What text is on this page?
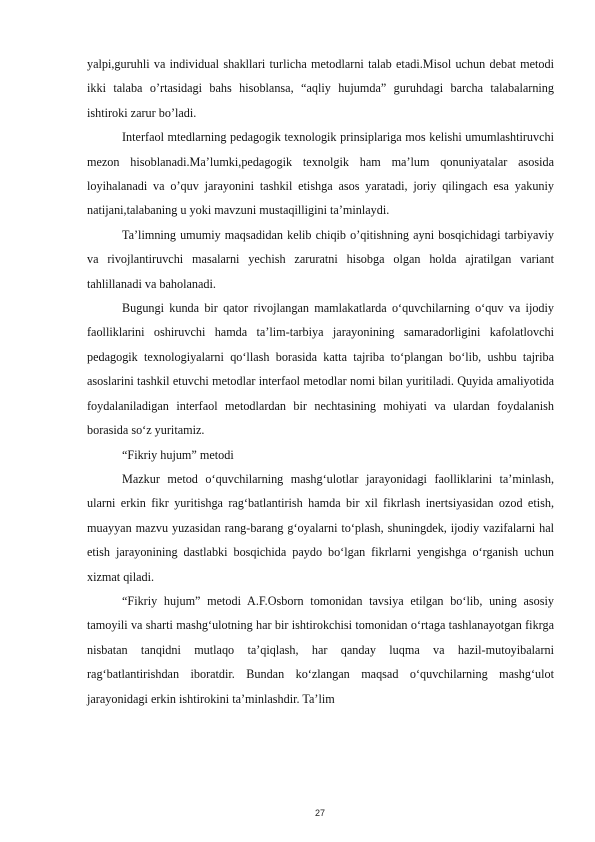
yalpi,guruhli va individual shakllari turlicha metodlarni talab etadi.Misol uchun debat metodi ikki talaba o’rtasidagi bahs hisoblansa, “aqliy hujumda” guruhdagi barcha talabalarning ishtiroki zarur bo’ladi.

Interfaol mtedlarning pedagogik texnologik prinsiplariga mos kelishi umumlashtiruvchi mezon hisoblanadi.Ma’lumki,pedagogik texnolgik ham ma’lum qonuniyatalar asosida loyihalanadi va o’quv jarayonini tashkil etishga asos yaratadi, joriy qilingach esa yakuniy natijani,talabaning u yoki mavzuni mustaqilligini ta’minlaydi.

Ta’limning umumiy maqsadidan kelib chiqib o’qitishning ayni bosqichidagi tarbiyaviy va rivojlantiruvchi masalarni yechish zaruratni hisobga olgan holda ajratilgan variant tahlillanadi va baholanadi.

Bugungi kunda bir qator rivojlangan mamlakatlarda o‘quvchilarning o‘quv va ijodiy faolliklarini oshiruvchi hamda ta’lim-tarbiya jarayonining samaradorligini kafolatlovchi pedagogik texnologiyalarni qo‘llash borasida katta tajriba to‘plangan bo‘lib, ushbu tajriba asoslarini tashkil etuvchi metodlar interfaol metodlar nomi bilan yuritiladi. Quyida amaliyotida foydalaniladigan interfaol metodlardan bir nechtasining mohiyati va ulardan foydalanish borasida so‘z yuritamiz.

“Fikriy hujum” metodi

Mazkur metod o‘quvchilarning mashg‘ulotlar jarayonidagi faolliklarini ta’minlash, ularni erkin fikr yuritishga rag‘batlantirish hamda bir xil fikrlash inertsiyasidan ozod etish, muayyan mazvu yuzasidan rang-barang g‘oyalarni to‘plash, shuningdek, ijodiy vazifalarni hal etish jarayonining dastlabki bosqichida paydo bo‘lgan fikrlarni yengishga o‘rganish uchun xizmat qiladi.

“Fikriy hujum” metodi A.F.Osborn tomonidan tavsiya etilgan bo‘lib, uning asosiy tamoyili va sharti mashg‘ulotning har bir ishtirokchisi tomonidan o‘rtaga tashlanayotgan fikrga nisbatan tanqidni mutlaqo ta’qiqlash, har qanday luqma va hazil-mutoyibalarni rag‘batlantirishdan iboratdir. Bundan ko‘zlangan maqsad o‘quvchilarning mashg‘ulot jarayonidagi erkin ishtirokini ta’minlashdir. Ta’lim

27
